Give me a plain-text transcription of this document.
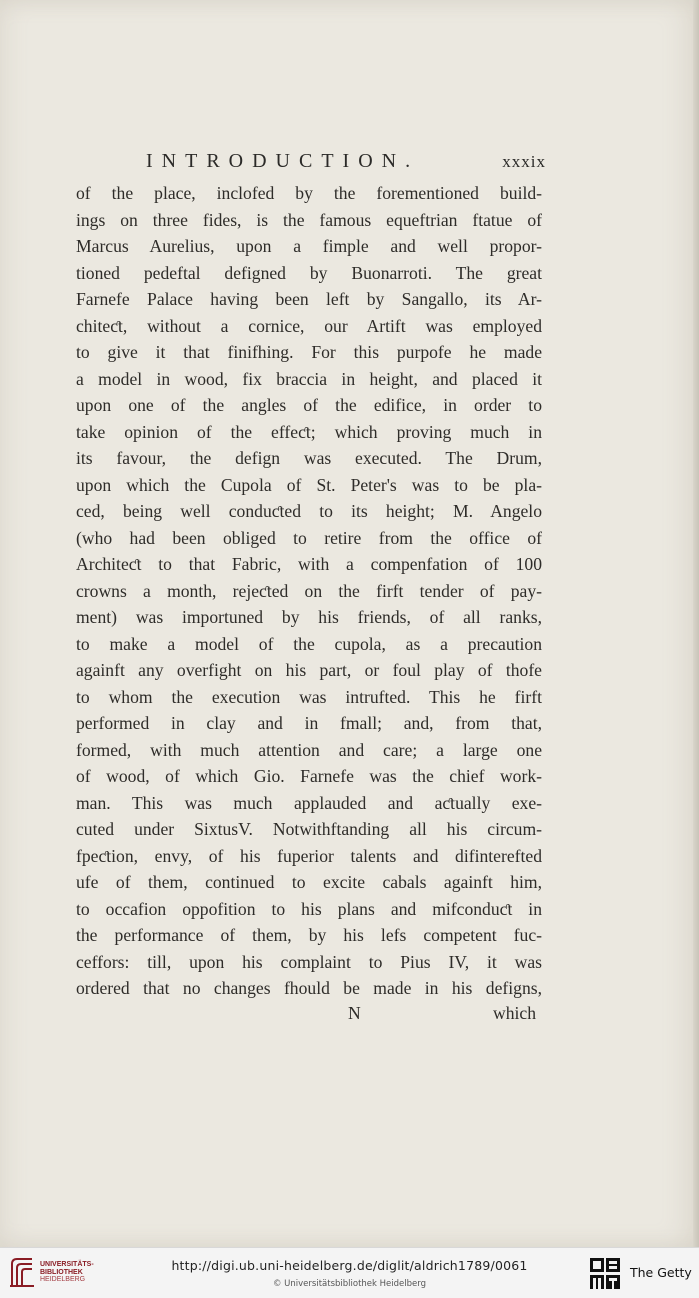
INTRODUCTION.	xxxix
of the place, inclofed by the forementioned build-
ings on three fides, is the famous equeftrian ftatue of
Marcus Aurelius, upon a fimple and well propor-
tioned pedeftal defigned by Buonarroti. The great
Farnefe Palace having been left by Sangallo, its Ar-
chiteƈt, without a cornice, our Artift was employed
to give it that finifhing. For this purpofe he made
a model in wood, fix braccia in height, and placed it
upon one of the angles of the edifice, in order to
take opinion of the effeƈt; which proving much in
its favour, the defign was executed. The Drum,
upon which the Cupola of St. Peter's was to be pla-
ced, being well conduƈted to its height; M. Angelo
(who had been obliged to retire from the office of
Architeƈt to that Fabric, with a compenfation of 100
crowns a month, rejeƈted on the firft tender of pay-
ment) was importuned by his friends, of all ranks,
to make a model of the cupola, as a precaution
againft any overfight on his part, or foul play of thofe
to whom the execution was intrufted. This he firft
performed in clay and in fmall; and, from that,
formed, with much attention and care; a large one
of wood, of which Gio. Farnefe was the chief work-
man. This was much applauded and aƈtually exe-
cuted under SixtusV. Notwithftanding all his circum-
fpeƈtion, envy, of his fuperior talents and difinterefted
ufe of them, continued to excite cabals againft him,
to occafion oppofition to his plans and mifconduƈt in
the performance of them, by his lefs competent fuc-
ceffors: till, upon his complaint to Pius IV, it was
ordered that no changes fhould be made in his defigns,
N	which
UNIVERSITÄTS-
BIBLIOTHEK
HEIDELBERG
http://digi.ub.uni-heidelberg.de/diglit/aldrich1789/0061
© Universitätsbibliothek Heidelberg
The Getty
